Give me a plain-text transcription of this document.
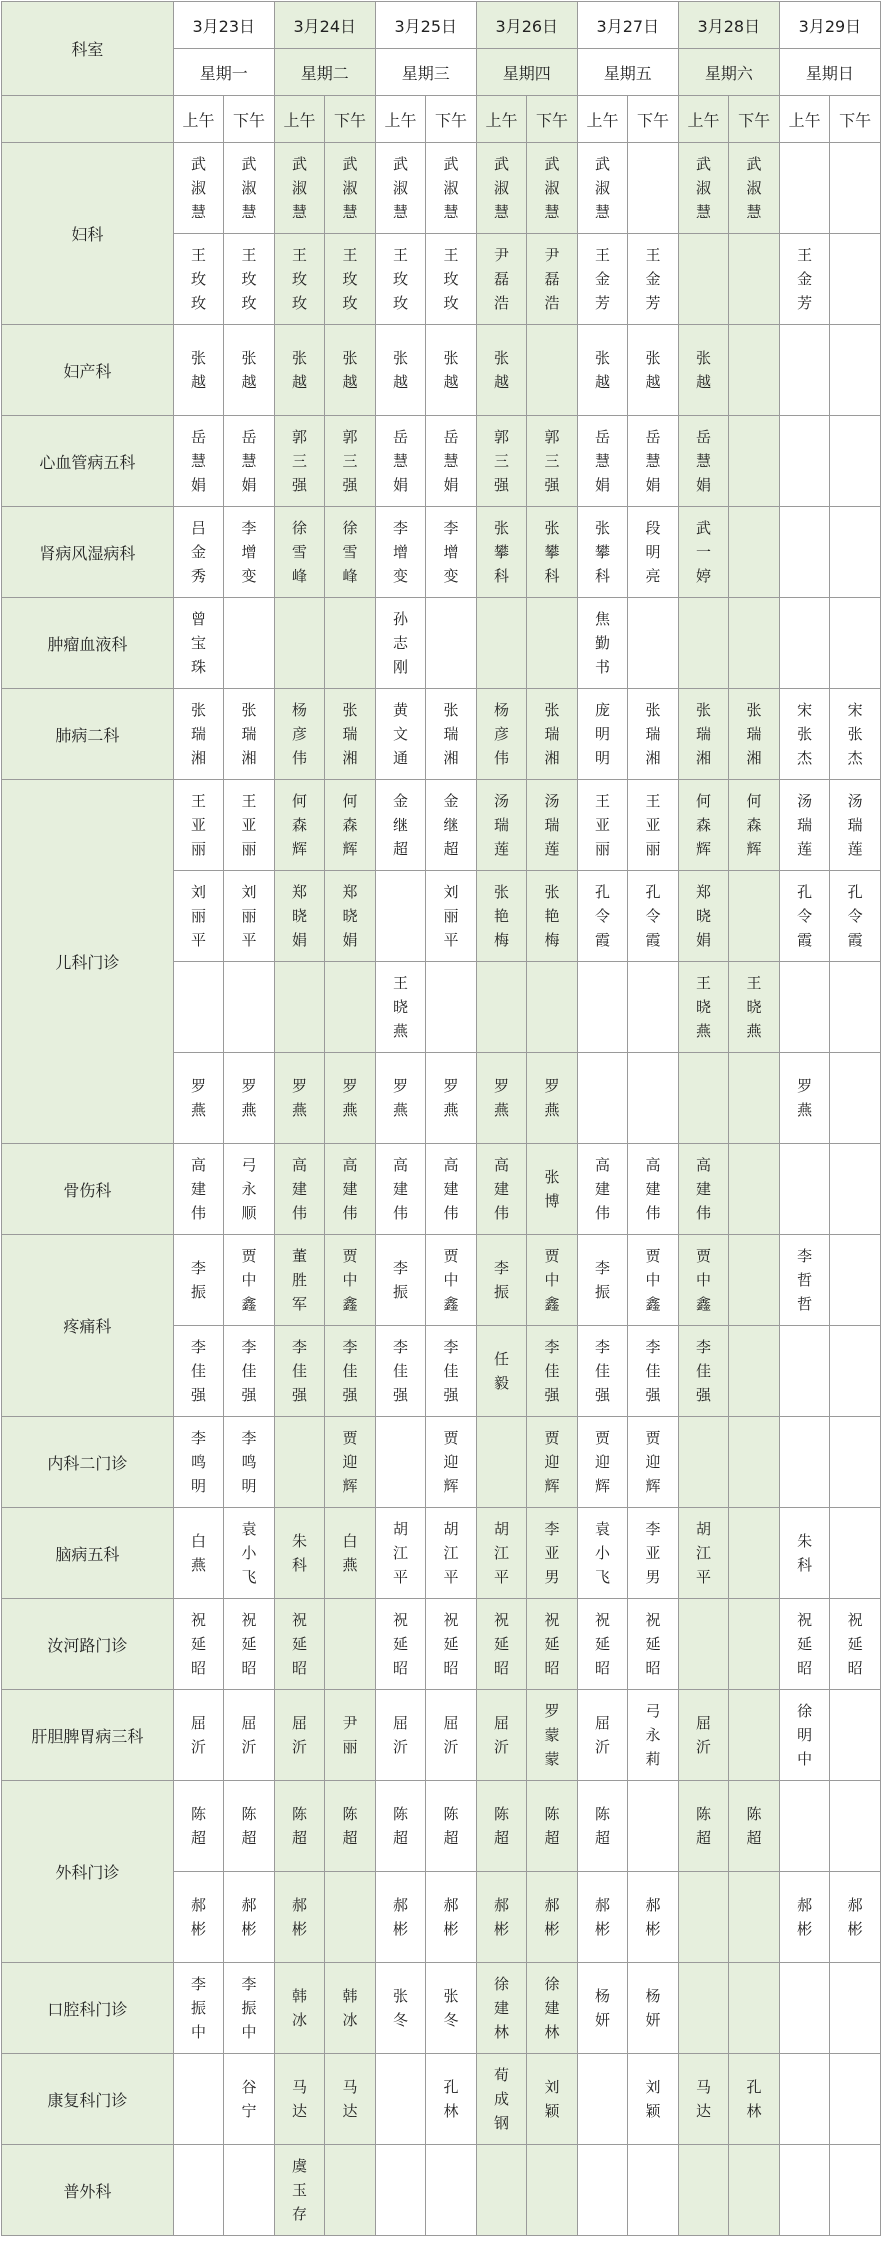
科室	3月23日		3月24日		3月25日		3月26日		3月27日		3月28日		3月29日	
	星期一		星期二		星期三		星期四		星期五		星期六		星期日	
	上午	下午	上午	下午	上午	下午	上午	下午	上午	下午	上午	下午	上午	下午
妇科	武淑慧	武淑慧	武淑慧	武淑慧	武淑慧	武淑慧	武淑慧	武淑慧	武淑慧		武淑慧	武淑慧		
	王玫玫	王玫玫	王玫玫	王玫玫	王玫玫	王玫玫	尹磊浩	尹磊浩	王金芳	王金芳			王金芳	
妇产科	张越	张越	张越	张越	张越	张越	张越		张越	张越	张越			
心血管病五科	岳慧娟	岳慧娟	郭三强	郭三强	岳慧娟	岳慧娟	郭三强	郭三强	岳慧娟	岳慧娟	岳慧娟			
肾病风湿病科	吕金秀	李增变	徐雪峰	徐雪峰	李增变	李增变	张攀科	张攀科	张攀科	段明亮	武一婷			
肿瘤血液科	曾宝珠				孙志刚				焦勤书					
肺病二科	张瑞湘	张瑞湘	杨彦伟	张瑞湘	黄文通	张瑞湘	杨彦伟	张瑞湘	庞明明	张瑞湘	张瑞湘	张瑞湘	宋张杰	宋张杰
儿科门诊	王亚丽	王亚丽	何森辉	何森辉	金继超	金继超	汤瑞莲	汤瑞莲	王亚丽	王亚丽	何森辉	何森辉	汤瑞莲	汤瑞莲
	刘丽平	刘丽平	郑晓娟	郑晓娟		刘丽平	张艳梅	张艳梅	孔令霞	孔令霞	郑晓娟		孔令霞	孔令霞
					王晓燕						王晓燕	王晓燕		
	罗燕	罗燕	罗燕	罗燕	罗燕	罗燕	罗燕	罗燕					罗燕	
骨伤科	高建伟	弓永顺	高建伟	高建伟	高建伟	高建伟	高建伟	张博	高建伟	高建伟	高建伟			
疼痛科	李振	贾中鑫	董胜军	贾中鑫	李振	贾中鑫	李振	贾中鑫	李振	贾中鑫	贾中鑫		李哲哲	
	李佳强	李佳强	李佳强	李佳强	李佳强	李佳强	任毅	李佳强	李佳强	李佳强	李佳强			
内科二门诊	李鸣明	李鸣明		贾迎辉		贾迎辉		贾迎辉	贾迎辉	贾迎辉				
脑病五科	白燕	袁小飞	朱科	白燕	胡江平	胡江平	胡江平	李亚男	袁小飞	李亚男	胡江平		朱科	
汝河路门诊	祝延昭	祝延昭	祝延昭		祝延昭	祝延昭	祝延昭	祝延昭	祝延昭	祝延昭			祝延昭	祝延昭
肝胆脾胃病三科	屈沂	屈沂	屈沂	尹丽	屈沂	屈沂	屈沂	罗蒙蒙	屈沂	弓永莉	屈沂		徐明中	
外科门诊	陈超	陈超	陈超	陈超	陈超	陈超	陈超	陈超	陈超		陈超	陈超		
	郝彬	郝彬	郝彬		郝彬	郝彬	郝彬	郝彬	郝彬	郝彬			郝彬	郝彬
口腔科门诊	李振中	李振中	韩冰	韩冰	张冬	张冬	徐建林	徐建林	杨妍	杨妍				
康复科门诊		谷宁	马达	马达		孔林	荀成钢	刘颖		刘颖	马达	孔林		
普外科			虞玉存											
